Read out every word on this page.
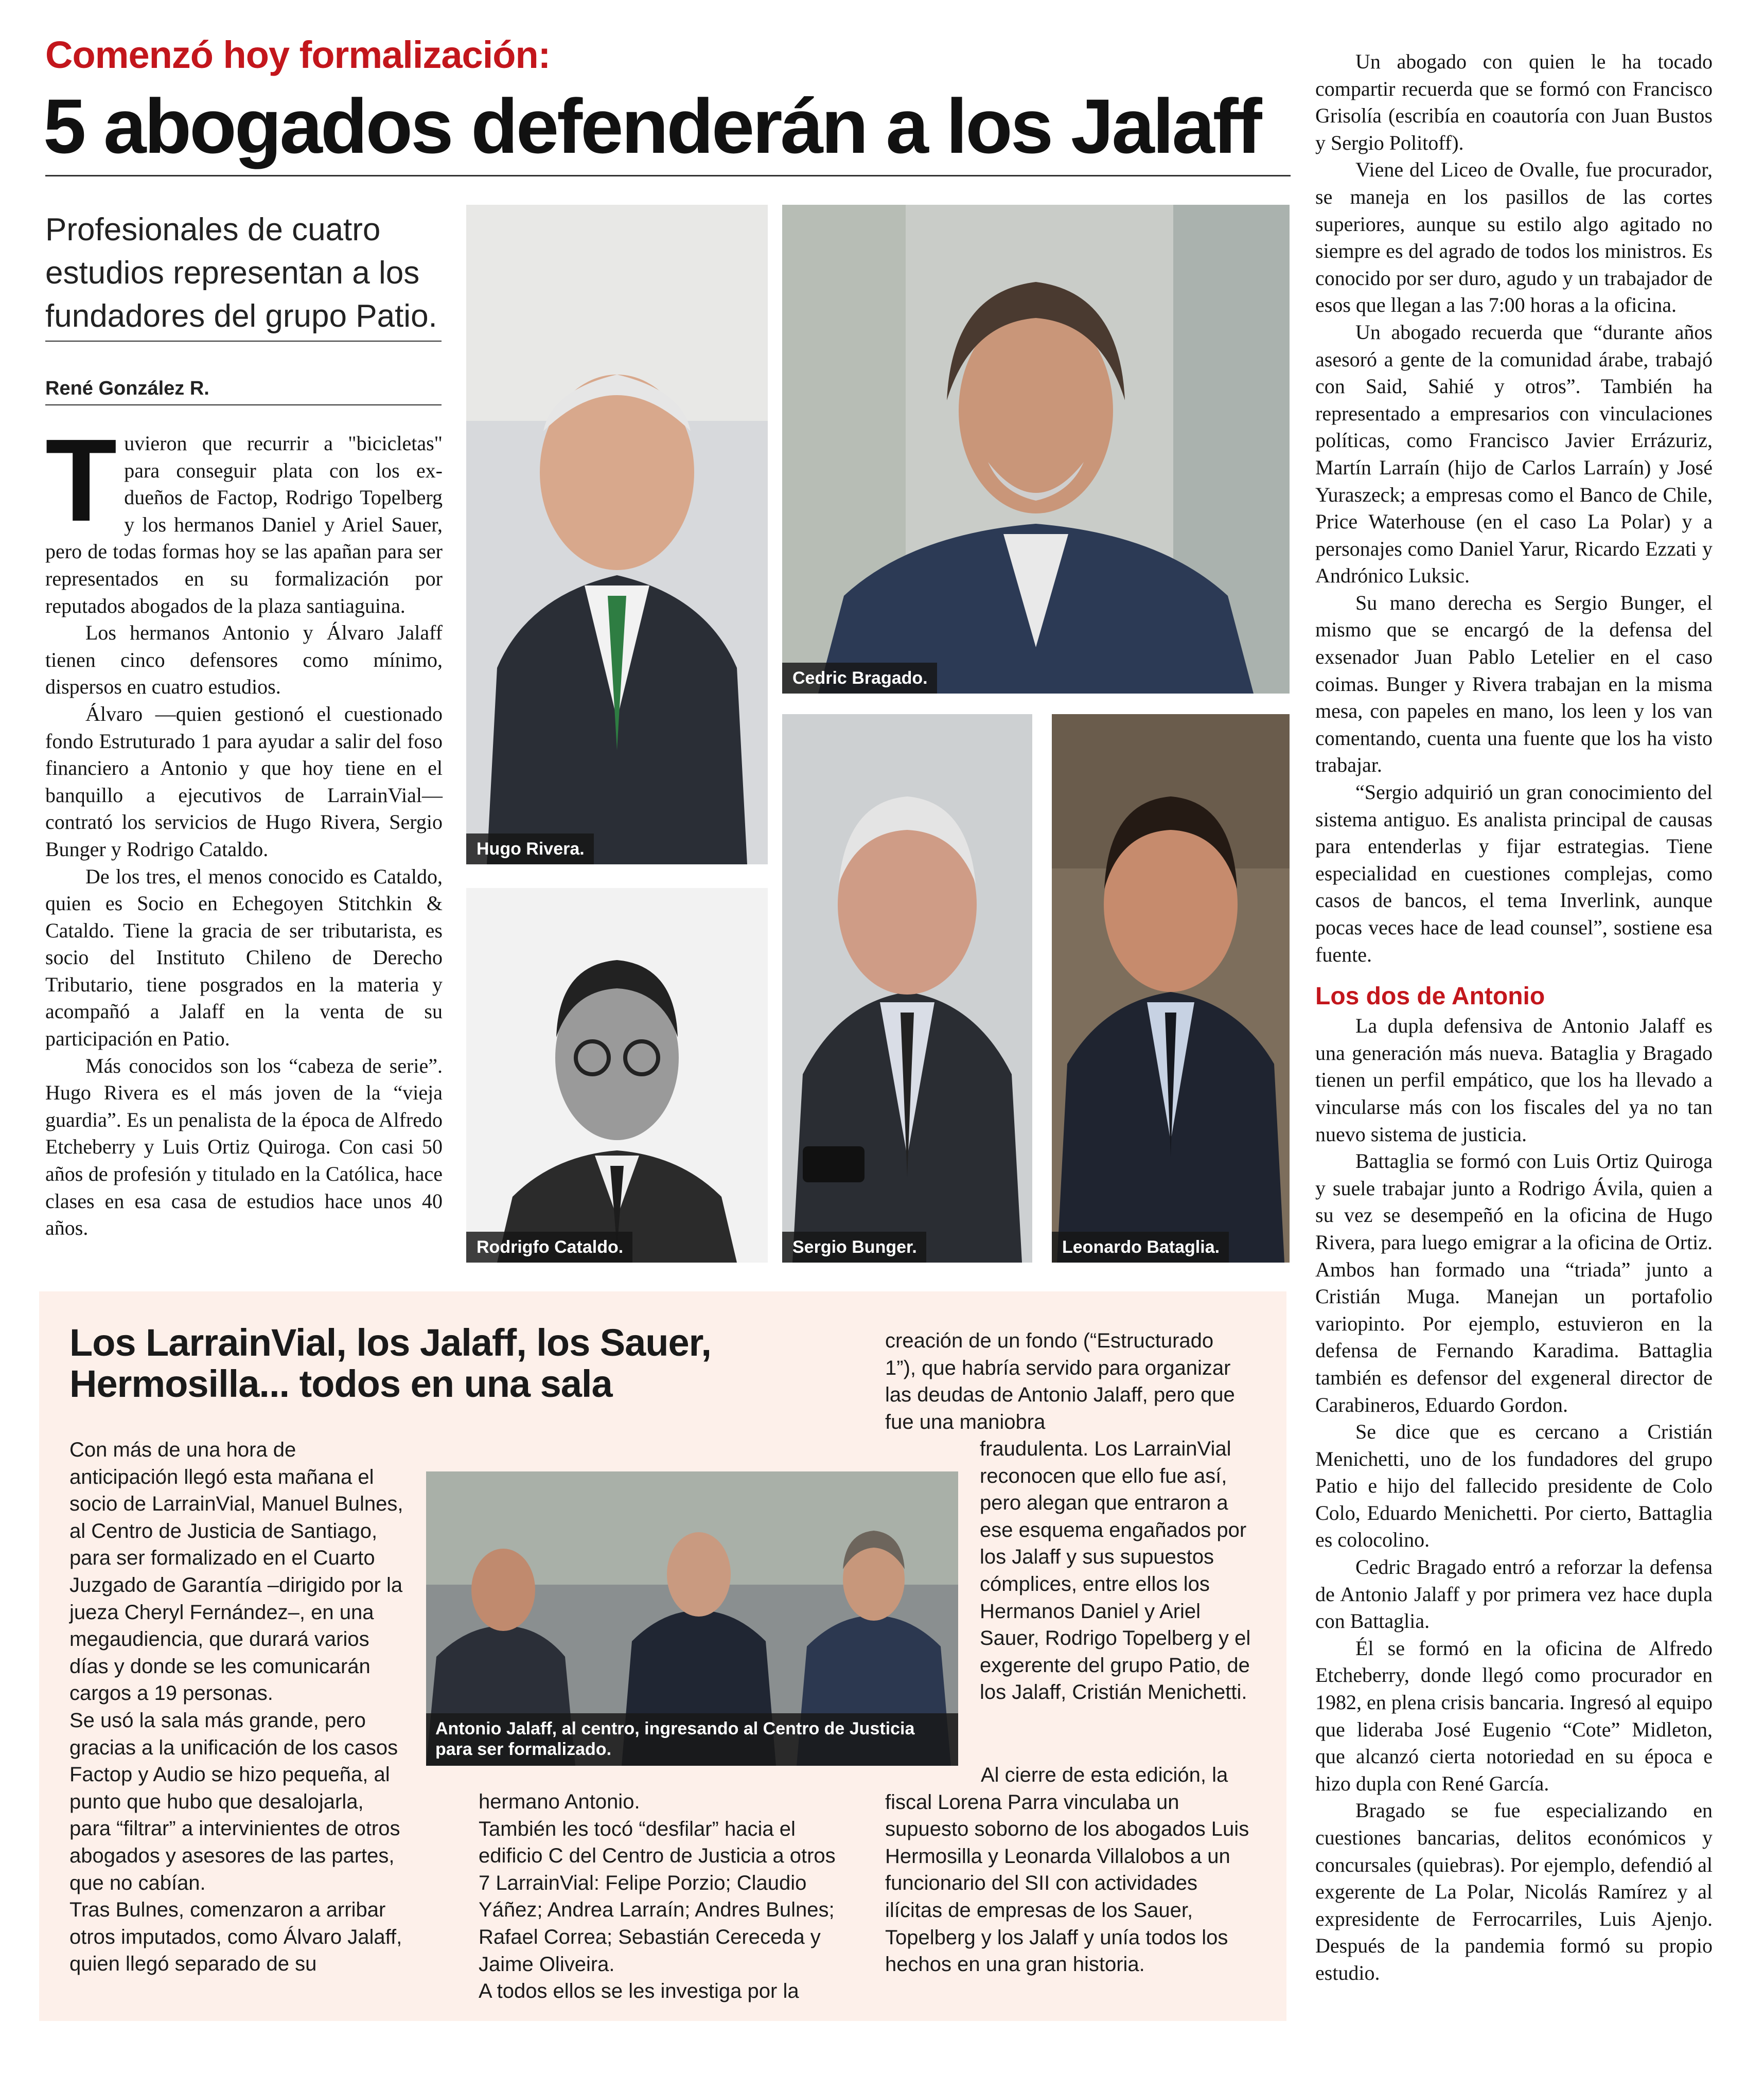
Comenzó hoy formalización:
5 abogados defenderán a los Jalaff
Profesionales de cuatro estudios representan a los fundadores del grupo Patio.
René González R.

Tuvieron que recurrir a "bicicletas" para conseguir plata con los ex-dueños de Factop, Rodrigo Topelberg y los hermanos Daniel y Ariel Sauer, pero de todas formas hoy se las apañan para ser representados en su formalización por reputados abogados de la plaza santiaguina.

Los hermanos Antonio y Álvaro Jalaff tienen cinco defensores como mínimo, dispersos en cuatro estudios.

Álvaro —quien gestionó el cuestionado fondo Estruturado 1 para ayudar a salir del foso financiero a Antonio y que hoy tiene en el banquillo a ejecutivos de LarrainVial— contrató los servicios de Hugo Rivera, Sergio Bunger y Rodrigo Cataldo.

De los tres, el menos conocido es Cataldo, quien es Socio en Echegoyen Stitchkin & Cataldo. Tiene la gracia de ser tributarista, es socio del Instituto Chileno de Derecho Tributario, tiene posgrados en la materia y acompañó a Jalaff en la venta de su participación en Patio.

Más conocidos son los “cabeza de serie”. Hugo Rivera es el más joven de la “vieja guardia”. Es un penalista de la época de Alfredo Etcheberry y Luis Ortiz Quiroga. Con casi 50 años de profesión y titulado en la Católica, hace clases en esa casa de estudios hace unos 40 años.

Hugo Rivera.
Cedric Bragado.
Rodrigfo Cataldo.	Sergio Bunger.	Leonardo Bataglia.

Un abogado con quien le ha tocado compartir recuerda que se formó con Francisco Grisolía (escribía en coautoría con Juan Bustos y Sergio Politoff).

Viene del Liceo de Ovalle, fue procurador, se maneja en los pasillos de las cortes superiores, aunque su estilo algo agitado no siempre es del agrado de todos los ministros. Es conocido por ser duro, agudo y un trabajador de esos que llegan a las 7:00 horas a la oficina.

Un abogado recuerda que “durante años asesoró a gente de la comunidad árabe, trabajó con Said, Sahié y otros”. También ha representado a empresarios con vinculaciones políticas, como Francisco Javier Errázuriz, Martín Larraín (hijo de Carlos Larraín) y José Yuraszeck; a empresas como el Banco de Chile, Price Waterhouse (en el caso La Polar) y a personajes como Daniel Yarur, Ricardo Ezzati y Andrónico Luksic.

Su mano derecha es Sergio Bunger, el mismo que se encargó de la defensa del exsenador Juan Pablo Letelier en el caso coimas. Bunger y Rivera trabajan en la misma mesa, con papeles en mano, los leen y los van comentando, cuenta una fuente que los ha visto trabajar.

“Sergio adquirió un gran conocimiento del sistema antiguo. Es analista principal de causas para entenderlas y fijar estrategias. Tiene especialidad en cuestiones complejas, como casos de bancos, el tema Inverlink, aunque pocas veces hace de lead counsel”, sostiene esa fuente.

Los dos de Antonio

La dupla defensiva de Antonio Jalaff es una generación más nueva. Bataglia y Bragado tienen un perfil empático, que los ha llevado a vincularse más con los fiscales del ya no tan nuevo sistema de justicia.

Battaglia se formó con Luis Ortiz Quiroga y suele trabajar junto a Rodrigo Ávila, quien a su vez se desempeñó en la oficina de Hugo Rivera, para luego emigrar a la oficina de Ortiz. Ambos han formado una “triada” junto a Cristián Muga. Manejan un portafolio variopinto. Por ejemplo, estuvieron en la defensa de Fernando Karadima. Battaglia también es defensor del exgeneral director de Carabineros, Eduardo Gordon.

Se dice que es cercano a Cristián Menichetti, uno de los fundadores del grupo Patio e hijo del fallecido presidente de Colo Colo, Eduardo Menichetti. Por cierto, Battaglia es colocolino.

Cedric Bragado entró a reforzar la defensa de Antonio Jalaff y por primera vez hace dupla con Battaglia.

Él se formó en la oficina de Alfredo Etcheberry, donde llegó como procurador en 1982, en plena crisis bancaria. Ingresó al equipo que lideraba José Eugenio “Cote” Midleton, que alcanzó cierta notoriedad en su época e hizo dupla con René García.

Bragado se fue especializando en cuestiones bancarias, delitos económicos y concursales (quiebras). Por ejemplo, defendió al exgerente de La Polar, Nicolás Ramírez y al expresidente de Ferrocarriles, Luis Ajenjo. Después de la pandemia formó su propio estudio.

Los LarrainVial, los Jalaff, los Sauer, Hermosilla... todos en una sala

Con más de una hora de anticipación llegó esta mañana el socio de LarrainVial, Manuel Bulnes, al Centro de Justicia de Santiago, para ser formalizado en el Cuarto Juzgado de Garantía –dirigido por la jueza Cheryl Fernández–, en una megaudiencia, que durará varios días y donde se les comunicarán cargos a 19 personas.

Se usó la sala más grande, pero gracias a la unificación de los casos Factop y Audio se hizo pequeña, al punto que hubo que desalojarla, para “filtrar” a intervinientes de otros abogados y asesores de las partes, que no cabían.

Tras Bulnes, comenzaron a arribar otros imputados, como Álvaro Jalaff, quien llegó separado de su

Antonio Jalaff, al centro, ingresando al Centro de Justicia para ser formalizado.

hermano Antonio.

También les tocó “desfilar” hacia el edificio C del Centro de Justicia a otros 7 LarrainVial: Felipe Porzio; Claudio Yáñez; Andrea Larraín; Andres Bulnes; Rafael Correa; Sebastián Cereceda y Jaime Oliveira.

A todos ellos se les investiga por la

creación de un fondo (“Estructurado 1”), que habría servido para organizar las deudas de Antonio Jalaff, pero que fue una maniobra

fraudulenta. Los LarrainVial reconocen que ello fue así, pero alegan que entraron a ese esquema engañados por los Jalaff y sus supuestos cómplices, entre ellos los Hermanos Daniel y Ariel Sauer, Rodrigo Topelberg y el exgerente del grupo Patio, de los Jalaff, Cristián Menichetti.

Al cierre de esta edición, la fiscal Lorena Parra vinculaba un supuesto soborno de los abogados Luis Hermosilla y Leonarda Villalobos a un funcionario del SII con actividades ilícitas de empresas de los Sauer, Topelberg y los Jalaff y unía todos los hechos en una gran historia.
